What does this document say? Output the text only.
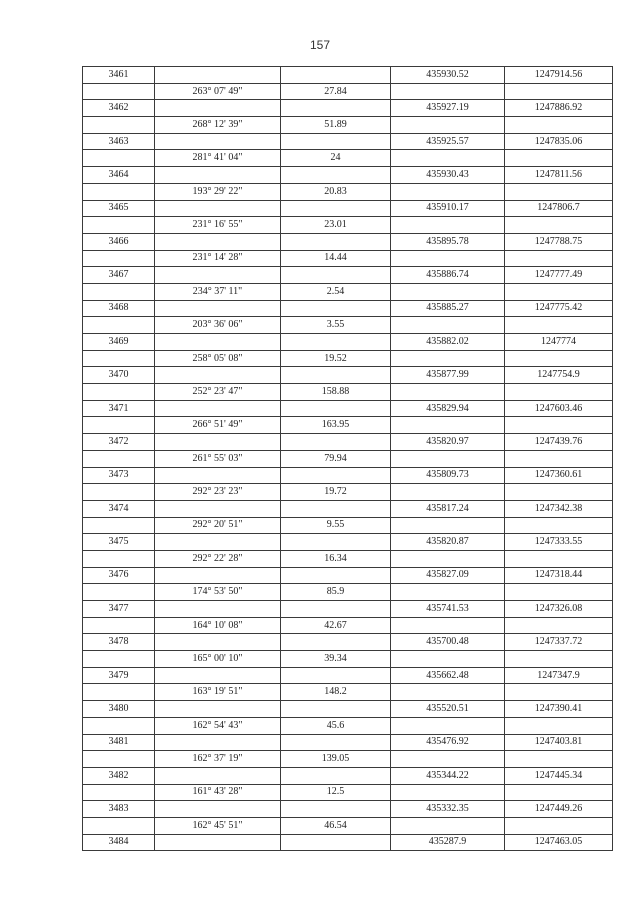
157
3461			435930.52	1247914.56
	263° 07' 49"	27.84		
3462			435927.19	1247886.92
	268° 12' 39"	51.89		
3463			435925.57	1247835.06
	281° 41' 04"	24		
3464			435930.43	1247811.56
	193° 29' 22"	20.83		
3465			435910.17	1247806.7
	231° 16' 55"	23.01		
3466			435895.78	1247788.75
	231° 14' 28"	14.44		
3467			435886.74	1247777.49
	234° 37' 11"	2.54		
3468			435885.27	1247775.42
	203° 36' 06"	3.55		
3469			435882.02	1247774
	258° 05' 08"	19.52		
3470			435877.99	1247754.9
	252° 23' 47"	158.88		
3471			435829.94	1247603.46
	266° 51' 49"	163.95		
3472			435820.97	1247439.76
	261° 55' 03"	79.94		
3473			435809.73	1247360.61
	292° 23' 23"	19.72		
3474			435817.24	1247342.38
	292° 20' 51"	9.55		
3475			435820.87	1247333.55
	292° 22' 28"	16.34		
3476			435827.09	1247318.44
	174° 53' 50"	85.9		
3477			435741.53	1247326.08
	164° 10' 08"	42.67		
3478			435700.48	1247337.72
	165° 00' 10"	39.34		
3479			435662.48	1247347.9
	163° 19' 51"	148.2		
3480			435520.51	1247390.41
	162° 54' 43"	45.6		
3481			435476.92	1247403.81
	162° 37' 19"	139.05		
3482			435344.22	1247445.34
	161° 43' 28"	12.5		
3483			435332.35	1247449.26
	162° 45' 51"	46.54		
3484			435287.9	1247463.05
